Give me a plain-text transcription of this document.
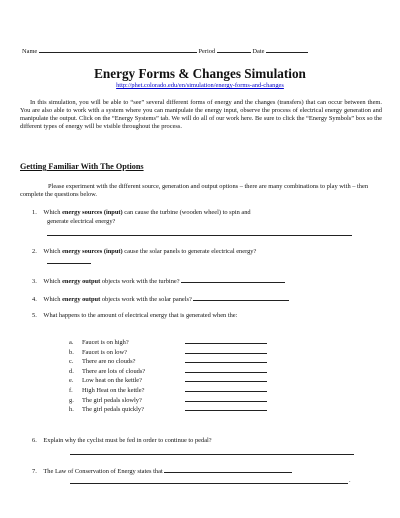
Name	Period	Date
Energy Forms & Changes Simulation
http://phet.colorado.edu/en/simulation/energy-forms-and-changes
In this simulation, you will be able to “see” several different forms of energy and the changes (transfers) that can occur between them. You are also able to work with a system where you can manipulate the energy input, observe the process of electrical energy generation and manipulate the output. Click on the “Energy Systems” tab. We will do all of our work here. Be sure to click the “Energy Symbols” box so the different types of energy will be visible throughout the process.
Getting Familiar With The Options
Please experiment with the different source, generation and output options – there are many combinations to play with – then complete the questions below.
1. Which energy sources (input) can cause the turbine (wooden wheel) to spin and
generate electrical energy?
2. Which energy sources (input) cause the solar panels to generate electrical energy?
3. Which energy output objects work with the turbine?
4. Which energy output objects work with the solar panels?
5. What happens to the amount of electrical energy that is generated when the:
a. Faucet is on high?
b. Faucet is on low?
c. There are no clouds?
d. There are lots of clouds?
e. Low heat on the kettle?
f. High Heat on the kettle?
g. The girl pedals slowly?
h. The girl pedals quickly?
6. Explain why the cyclist must be fed in order to continue to pedal?
7. The Law of Conservation of Energy states that
.
